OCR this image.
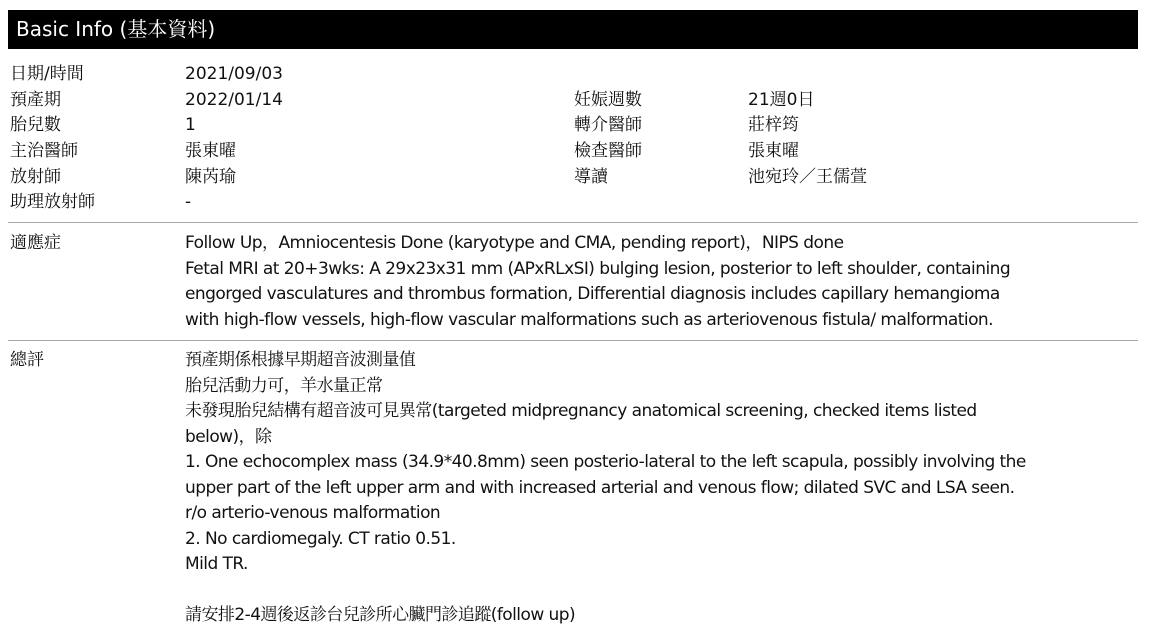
Basic Info (基本資料)
日期/時間	2021/09/03
預產期	2022/01/14	妊娠週數	21週0日
胎兒數	1	轉介醫師	莊梓筠
主治醫師	張東曜	檢查醫師	張東曜
放射師	陳芮瑜	導讀	池宛玲／王儒萱
助理放射師	-
適應症	Follow Up，Amniocentesis Done (karyotype and CMA, pending report)，NIPS done
Fetal MRI at 20+3wks: A 29x23x31 mm (APxRLxSI) bulging lesion, posterior to left shoulder, containing
engorged vasculatures and thrombus formation, Differential diagnosis includes capillary hemangioma
with high-flow vessels, high-flow vascular malformations such as arteriovenous fistula/ malformation.
總評	預產期係根據早期超音波測量值
胎兒活動力可，羊水量正常
未發現胎兒結構有超音波可見異常(targeted midpregnancy anatomical screening, checked items listed
below)，除
1. One echocomplex mass (34.9*40.8mm) seen posterio-lateral to the left scapula, possibly involving the
upper part of the left upper arm and with increased arterial and venous flow; dilated SVC and LSA seen.
r/o arterio-venous malformation
2. No cardiomegaly. CT ratio 0.51.
Mild TR.
請安排2-4週後返診台兒診所心臟門診追蹤(follow up)
